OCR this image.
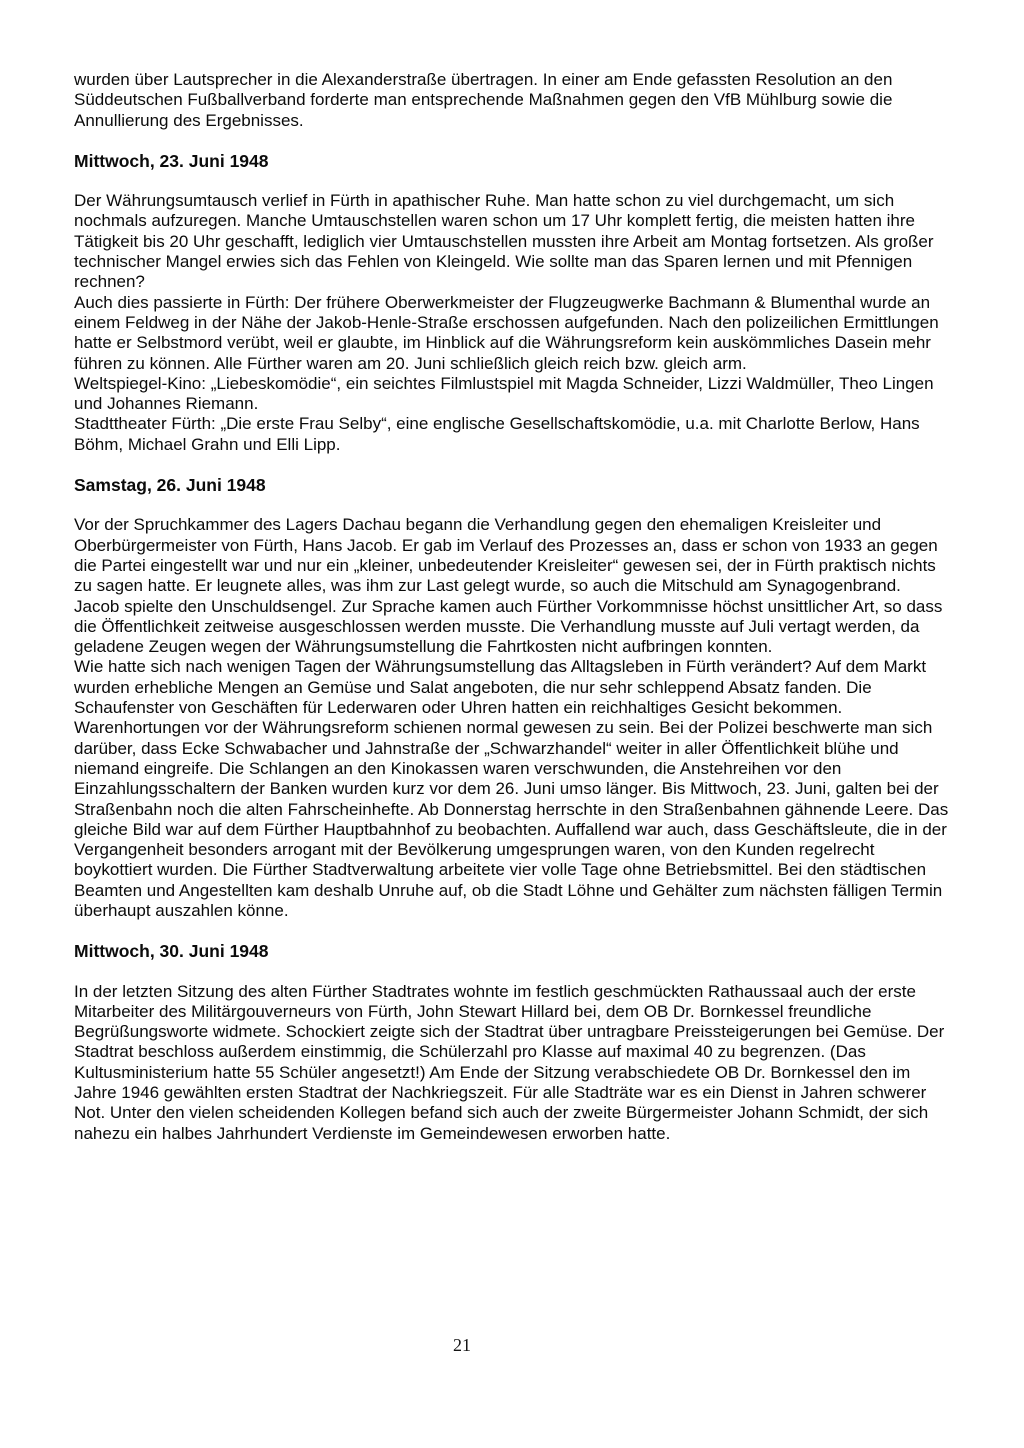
wurden über Lautsprecher in die Alexanderstraße übertragen. In einer am Ende gefassten Resolution an den Süddeutschen Fußballverband forderte man entsprechende Maßnahmen gegen den VfB Mühlburg sowie die Annullierung des Ergebnisses.

Mittwoch, 23. Juni 1948

Der Währungsumtausch verlief in Fürth in apathischer Ruhe. Man hatte schon zu viel durchgemacht, um sich nochmals aufzuregen. Manche Umtauschstellen waren schon um 17 Uhr komplett fertig, die meisten hatten ihre Tätigkeit bis 20 Uhr geschafft, lediglich vier Umtauschstellen mussten ihre Arbeit am Montag fortsetzen. Als großer technischer Mangel erwies sich das Fehlen von Kleingeld. Wie sollte man das Sparen lernen und mit Pfennigen rechnen?

Auch dies passierte in Fürth: Der frühere Oberwerkmeister der Flugzeugwerke Bachmann & Blumenthal wurde an einem Feldweg in der Nähe der Jakob-Henle-Straße erschossen aufgefunden. Nach den polizeilichen Ermittlungen hatte er Selbstmord verübt, weil er glaubte, im Hinblick auf die Währungsreform kein auskömmliches Dasein mehr führen zu können. Alle Fürther waren am 20. Juni schließlich gleich reich bzw. gleich arm.

Weltspiegel-Kino: „Liebeskomödie“, ein seichtes Filmlustspiel mit Magda Schneider, Lizzi Waldmüller, Theo Lingen und Johannes Riemann.

Stadttheater Fürth: „Die erste Frau Selby“, eine englische Gesellschaftskomödie, u.a. mit Charlotte Berlow, Hans Böhm, Michael Grahn und Elli Lipp.

Samstag, 26. Juni 1948

Vor der Spruchkammer des Lagers Dachau begann die Verhandlung gegen den ehemaligen Kreisleiter und Oberbürgermeister von Fürth, Hans Jacob. Er gab im Verlauf des Prozesses an, dass er schon von 1933 an gegen die Partei eingestellt war und nur ein „kleiner, unbedeutender Kreisleiter“ gewesen sei, der in Fürth praktisch nichts zu sagen hatte. Er leugnete alles, was ihm zur Last gelegt wurde, so auch die Mitschuld am Synagogenbrand. Jacob spielte den Unschuldsengel. Zur Sprache kamen auch Fürther Vorkommnisse höchst unsittlicher Art, so dass die Öffentlichkeit zeitweise ausgeschlossen werden musste. Die Verhandlung musste auf Juli vertagt werden, da geladene Zeugen wegen der Währungsumstellung die Fahrtkosten nicht aufbringen konnten.

Wie hatte sich nach wenigen Tagen der Währungsumstellung das Alltagsleben in Fürth verändert? Auf dem Markt wurden erhebliche Mengen an Gemüse und Salat angeboten, die nur sehr schleppend Absatz fanden. Die Schaufenster von Geschäften für Lederwaren oder Uhren hatten ein reichhaltiges Gesicht bekommen. Warenhortungen vor der Währungsreform schienen normal gewesen zu sein. Bei der Polizei beschwerte man sich darüber, dass Ecke Schwabacher und Jahnstraße der „Schwarzhandel“ weiter in aller Öffentlichkeit blühe und niemand eingreife. Die Schlangen an den Kinokassen waren verschwunden, die Anstehreihen vor den Einzahlungsschaltern der Banken wurden kurz vor dem 26. Juni umso länger. Bis Mittwoch, 23. Juni, galten bei der Straßenbahn noch die alten Fahrscheinhefte. Ab Donnerstag herrschte in den Straßenbahnen gähnende Leere. Das gleiche Bild war auf dem Fürther Hauptbahnhof zu beobachten. Auffallend war auch, dass Geschäftsleute, die in der Vergangenheit besonders arrogant mit der Bevölkerung umgesprungen waren, von den Kunden regelrecht boykottiert wurden. Die Fürther Stadtverwaltung arbeitete vier volle Tage ohne Betriebsmittel. Bei den städtischen Beamten und Angestellten kam deshalb Unruhe auf, ob die Stadt Löhne und Gehälter zum nächsten fälligen Termin überhaupt auszahlen könne.

Mittwoch, 30. Juni 1948

In der letzten Sitzung des alten Fürther Stadtrates wohnte im festlich geschmückten Rathaussaal auch der erste Mitarbeiter des Militärgouverneurs von Fürth, John Stewart Hillard bei, dem OB Dr. Bornkessel freundliche Begrüßungsworte widmete. Schockiert zeigte sich der Stadtrat über untragbare Preissteigerungen bei Gemüse. Der Stadtrat beschloss außerdem einstimmig, die Schülerzahl pro Klasse auf maximal 40 zu begrenzen. (Das Kultusministerium hatte 55 Schüler angesetzt!) Am Ende der Sitzung verabschiedete OB Dr. Bornkessel den im Jahre 1946 gewählten ersten Stadtrat der Nachkriegszeit. Für alle Stadträte war es ein Dienst in Jahren schwerer Not. Unter den vielen scheidenden Kollegen befand sich auch der zweite Bürgermeister Johann Schmidt, der sich nahezu ein halbes Jahrhundert Verdienste im Gemeindewesen erworben hatte.

21
